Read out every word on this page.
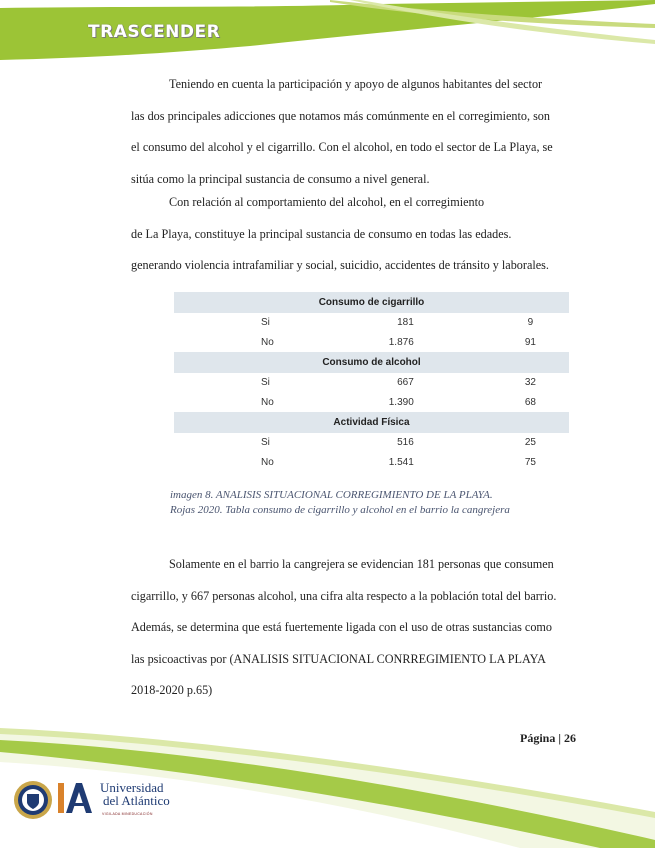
TRASCENDER
Teniendo en cuenta la participación y apoyo de algunos habitantes del sector
las dos principales adicciones que notamos más comúnmente en el corregimiento, son
el consumo del alcohol y el cigarrillo. Con el alcohol, en todo el sector de La Playa, se
sitúa como la principal sustancia de consumo a nivel general.
Con relación al comportamiento del alcohol, en el corregimiento
de La Playa, constituye la principal sustancia de consumo en todas las edades.
generando violencia intrafamiliar y social, suicidio, accidentes de tránsito y laborales.
Consumo de cigarrillo		
Si	181	9
No	1.876	91
Consumo de alcohol		
Si	667	32
No	1.390	68
Actividad Física		
Si	516	25
No	1.541	75
imagen 8. ANALISIS SITUACIONAL CORREGIMIENTO DE LA PLAYA.
Rojas 2020. Tabla consumo de cigarrillo y alcohol en el barrio la cangrejera
Solamente en el barrio la cangrejera se evidencian 181 personas que consumen
cigarrillo, y 667 personas alcohol, una cifra alta respecto a la población total del barrio.
Además, se determina que está fuertemente ligada con el uso de otras sustancias como
las psicoactivas por (ANALISIS SITUACIONAL CONRREGIMIENTO LA PLAYA
2018-2020 p.65)
Página | 26
Universidad
del Atlántico
VIGILADA MINEDUCACIÓN
